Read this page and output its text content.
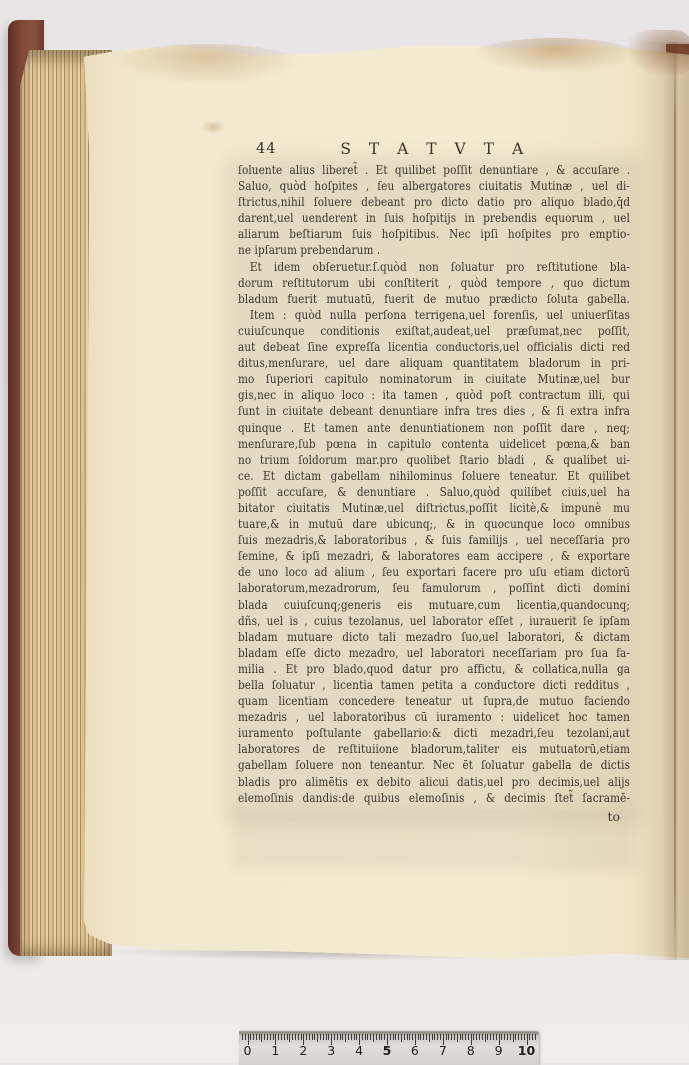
44	S T A T V T A
ſoluente alius liberet̃ . Et quilibet poſſit denuntiare , & accuſare .
Saluo, quòd hoſpites , ſeu albergatores ciuitatis Mutinæ , uel di-
ſtrictus,nihil ſoluere debeant pro dicto datio pro aliquo blado,q̄d
darent,uel uenderent in ſuis hoſpitijs in prebendis equorum , uel
aliarum beſtiarum ſuis hoſpitibus. Nec ipſi hoſpites pro emptio-
ne ipſarum prebendarum .
Et idem obſeruetur.ſ.quòd non ſoluatur pro reſtitutione bla-
dorum reſtitutorum ubi conſtiterit , quòd tempore , quo dictum
bladum fuerit mutuatū, fuerit de mutuo prædicto ſoluta gabella.
Item : quòd nulla perſona terrigena,uel forenſis, uel uniuerſitas
cuiuſcunque conditionis exiſtat,audeat,uel præſumat,nec poſſit,
aut debeat ſine expreſſa licentia conductoris,uel officialis dicti red
ditus,menſurare, uel dare aliquam quantitatem bladorum in pri-
mo ſuperiori capitulo nominatorum in ciuitate Mutinæ,uel bur
gis,nec in aliquo loco : ita tamen , quòd poſt contractum illi, qui
ſunt in ciuitate debeant denuntiare infra tres dies , & ſi extra infra
quinque . Et tamen ante denuntiationem non poſſit dare , neq;
menſurare,ſub pœna in capitulo contenta uidelicet pœna,& ban
no trium ſoldorum mar.pro quolibet ſtario bladi , & qualibet ui-
ce. Et dictam gabellam nihilominus ſoluere teneatur. Et quilibet
poſſit accuſare, & denuntiare . Saluo,quòd quilibet ciuis,uel ha
bitator ciuitatis Mutinæ,uel diſtrictus,poſſit licitè,& impunè mu
tuare,& in mutuū dare ubicunq;, & in quocunque loco omnibus
ſuis mezadris,& laboratoribus , & ſuis familijs , uel neceſſaria pro
ſemine, & ipſi mezadri, & laboratores eam accipere , & exportare
de uno loco ad alium , ſeu exportari facere pro uſu etiam dictorū
laboratorum,mezadrorum, ſeu famulorum , poſſint dicti domini
blada cuiuſcunq;generis eis mutuare,cum licentia,quandocunq;
dñs, uel is , cuius tezolanus, uel laborator eſſet , iurauerit ſe ipſam
bladam mutuare dicto tali mezadro ſuo,uel laboratori, & dictam
bladam eſſe dicto mezadro, uel laboratori neceſſariam pro ſua fa-
milia . Et pro blado,quod datur pro affictu, & collatica,nulla ga
bella ſoluatur , licentia tamen petita a conductore dicti redditus ,
quam licentiam concedere teneatur ut ſupra,de mutuo faciendo
mezadris , uel laboratoribus cū iuramento : uidelicet hoc tamen
iuramento poſtulante gabellario:& dicti mezadri,ſeu tezolani,aut
laboratores de reſtituiione bladorum,taliter eis mutuatorū,etiam
gabellam ſoluere non teneantur. Nec ēt ſoluatur gabella de dictis
bladis pro alimētis ex debito alicui datis,uel pro decimis,uel alijs
elemoſinis dandis:de quibus elemoſinis , & decimis ſtet̃ ſacramē-
to
0	1	2	3	4	5	6	7	8	9	10
